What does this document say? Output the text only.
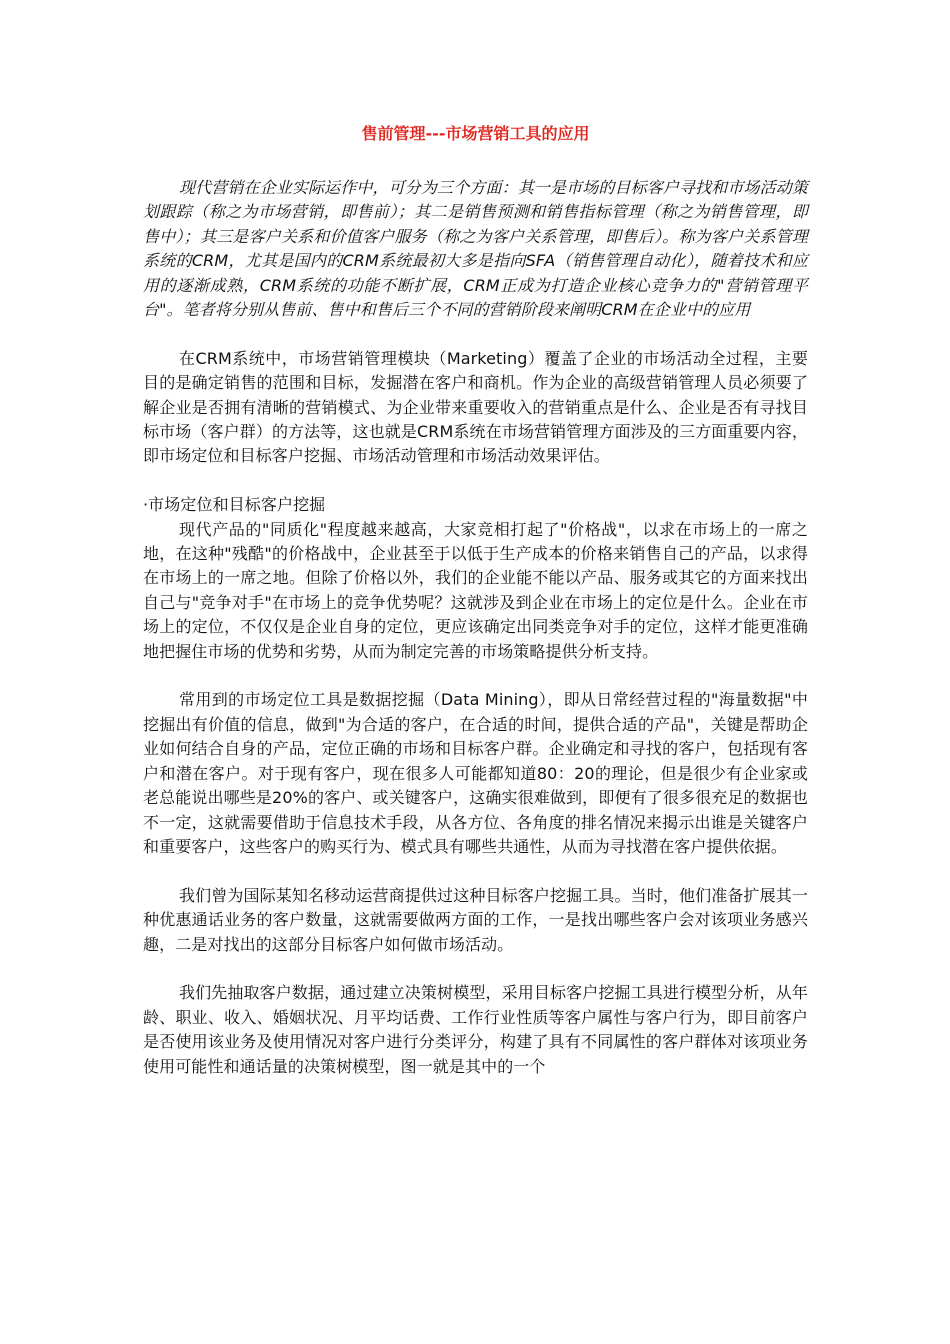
售前管理---市场营销工具的应用

现代营销在企业实际运作中，可分为三个方面：其一是市场的目标客户寻找和市场活动策划跟踪（称之为市场营销，即售前）；其二是销售预测和销售指标管理（称之为销售管理，即售中）；其三是客户关系和价值客户服务（称之为客户关系管理，即售后）。称为客户关系管理系统的CRM，尤其是国内的CRM系统最初大多是指向SFA（销售管理自动化），随着技术和应用的逐渐成熟，CRM系统的功能不断扩展，CRM正成为打造企业核心竞争力的"营销管理平台"。笔者将分别从售前、售中和售后三个不同的营销阶段来阐明CRM在企业中的应用

在CRM系统中，市场营销管理模块（Marketing）覆盖了企业的市场活动全过程，主要目的是确定销售的范围和目标，发掘潜在客户和商机。作为企业的高级营销管理人员必须要了解企业是否拥有清晰的营销模式、为企业带来重要收入的营销重点是什么、企业是否有寻找目标市场（客户群）的方法等，这也就是CRM系统在市场营销管理方面涉及的三方面重要内容，即市场定位和目标客户挖掘、市场活动管理和市场活动效果评估。

·市场定位和目标客户挖掘

现代产品的"同质化"程度越来越高，大家竞相打起了"价格战"，以求在市场上的一席之地，在这种"残酷"的价格战中，企业甚至于以低于生产成本的价格来销售自己的产品，以求得在市场上的一席之地。但除了价格以外，我们的企业能不能以产品、服务或其它的方面来找出自己与"竞争对手"在市场上的竞争优势呢？这就涉及到企业在市场上的定位是什么。企业在市场上的定位，不仅仅是企业自身的定位，更应该确定出同类竞争对手的定位，这样才能更准确地把握住市场的优势和劣势，从而为制定完善的市场策略提供分析支持。

常用到的市场定位工具是数据挖掘（Data Mining），即从日常经营过程的"海量数据"中挖掘出有价值的信息，做到"为合适的客户，在合适的时间，提供合适的产品"，关键是帮助企业如何结合自身的产品，定位正确的市场和目标客户群。企业确定和寻找的客户，包括现有客户和潜在客户。对于现有客户，现在很多人可能都知道80：20的理论，但是很少有企业家或老总能说出哪些是20%的客户、或关键客户，这确实很难做到，即便有了很多很充足的数据也不一定，这就需要借助于信息技术手段，从各方位、各角度的排名情况来揭示出谁是关键客户和重要客户，这些客户的购买行为、模式具有哪些共通性，从而为寻找潜在客户提供依据。

我们曾为国际某知名移动运营商提供过这种目标客户挖掘工具。当时，他们准备扩展其一种优惠通话业务的客户数量，这就需要做两方面的工作，一是找出哪些客户会对该项业务感兴趣，二是对找出的这部分目标客户如何做市场活动。

我们先抽取客户数据，通过建立决策树模型，采用目标客户挖掘工具进行模型分析，从年龄、职业、收入、婚姻状况、月平均话费、工作行业性质等客户属性与客户行为，即目前客户是否使用该业务及使用情况对客户进行分类评分，构建了具有不同属性的客户群体对该项业务使用可能性和通话量的决策树模型，图一就是其中的一个
